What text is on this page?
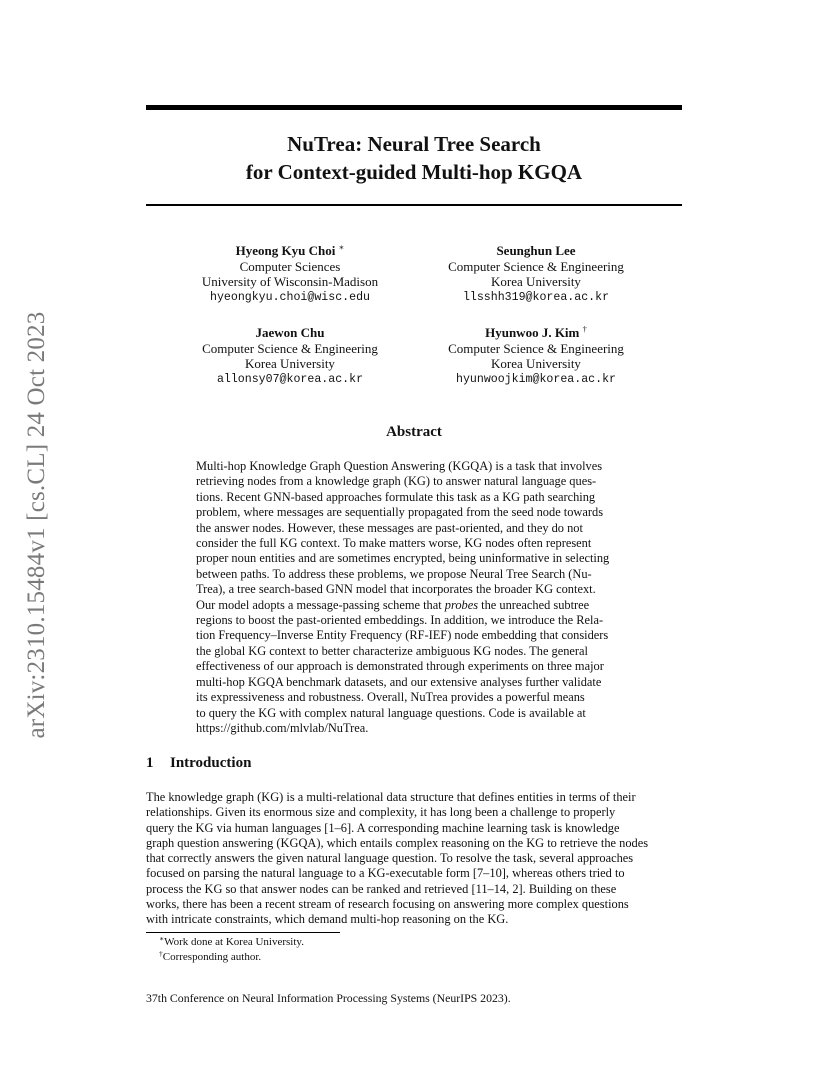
arXiv:2310.15484v1 [cs.CL] 24 Oct 2023
NuTrea: Neural Tree Search
for Context-guided Multi-hop KGQA
Hyeong Kyu Choi ∗
Computer Sciences
University of Wisconsin-Madison
hyeongkyu.choi@wisc.edu
Seunghun Lee
Computer Science & Engineering
Korea University
llsshh319@korea.ac.kr
Jaewon Chu
Computer Science & Engineering
Korea University
allonsy07@korea.ac.kr
Hyunwoo J. Kim †
Computer Science & Engineering
Korea University
hyunwoojkim@korea.ac.kr
Abstract
Multi-hop Knowledge Graph Question Answering (KGQA) is a task that involves
retrieving nodes from a knowledge graph (KG) to answer natural language ques-
tions. Recent GNN-based approaches formulate this task as a KG path searching
problem, where messages are sequentially propagated from the seed node towards
the answer nodes. However, these messages are past-oriented, and they do not
consider the full KG context. To make matters worse, KG nodes often represent
proper noun entities and are sometimes encrypted, being uninformative in selecting
between paths. To address these problems, we propose Neural Tree Search (Nu-
Trea), a tree search-based GNN model that incorporates the broader KG context.
Our model adopts a message-passing scheme that probes the unreached subtree
regions to boost the past-oriented embeddings. In addition, we introduce the Rela-
tion Frequency–Inverse Entity Frequency (RF-IEF) node embedding that considers
the global KG context to better characterize ambiguous KG nodes. The general
effectiveness of our approach is demonstrated through experiments on three major
multi-hop KGQA benchmark datasets, and our extensive analyses further validate
its expressiveness and robustness. Overall, NuTrea provides a powerful means
to query the KG with complex natural language questions. Code is available at
https://github.com/mlvlab/NuTrea.
1 Introduction
The knowledge graph (KG) is a multi-relational data structure that defines entities in terms of their
relationships. Given its enormous size and complexity, it has long been a challenge to properly
query the KG via human languages [1–6]. A corresponding machine learning task is knowledge
graph question answering (KGQA), which entails complex reasoning on the KG to retrieve the nodes
that correctly answers the given natural language question. To resolve the task, several approaches
focused on parsing the natural language to a KG-executable form [7–10], whereas others tried to
process the KG so that answer nodes can be ranked and retrieved [11–14, 2]. Building on these
works, there has been a recent stream of research focusing on answering more complex questions
with intricate constraints, which demand multi-hop reasoning on the KG.
∗Work done at Korea University.
†Corresponding author.
37th Conference on Neural Information Processing Systems (NeurIPS 2023).
